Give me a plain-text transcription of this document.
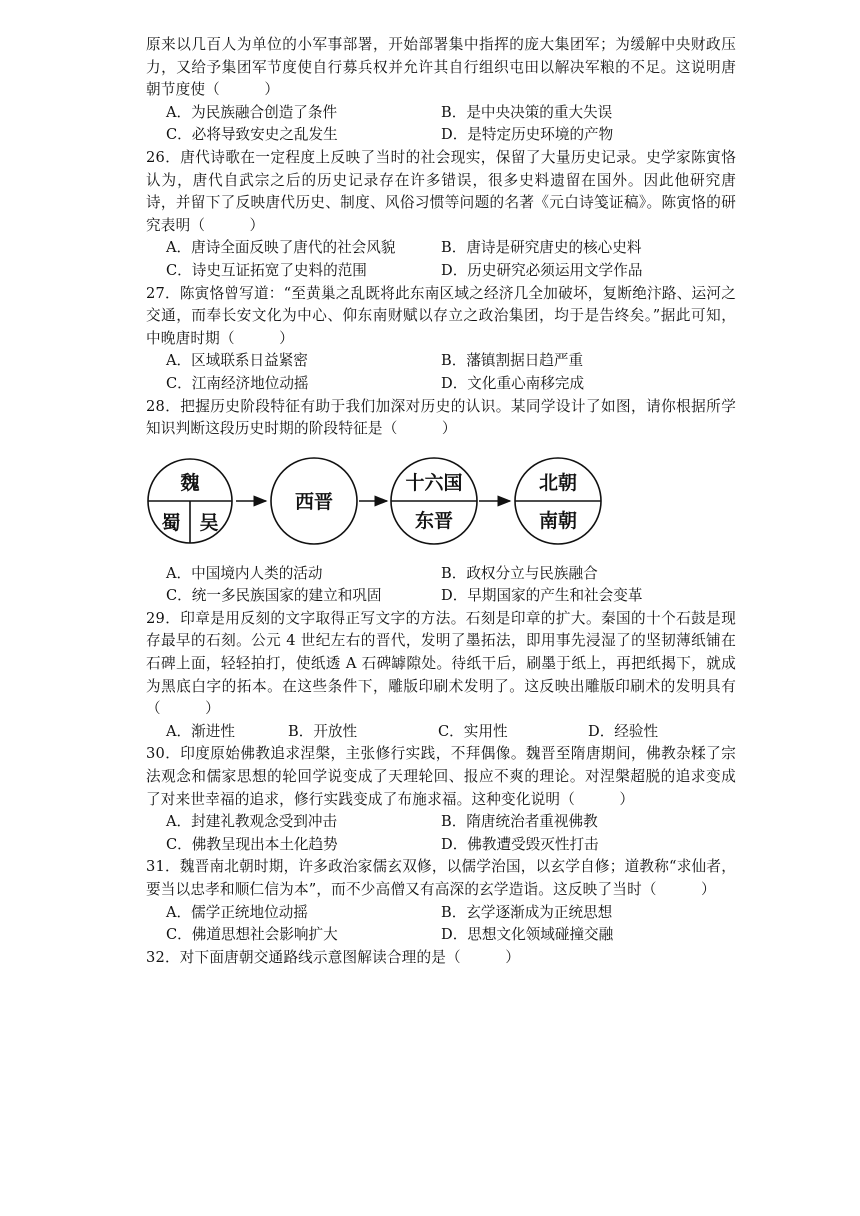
原来以几百人为单位的小军事部署，开始部署集中指挥的庞大集团军；为缓解中央财政压力，又给予集团军节度使自行募兵权并允许其自行组织屯田以解决军粮的不足。这说明唐朝节度使（　　　）

A．为民族融合创造了条件	B．是中央决策的重大失误
C．必将导致安史之乱发生	D．是特定历史环境的产物

26．唐代诗歌在一定程度上反映了当时的社会现实，保留了大量历史记录。史学家陈寅恪认为，唐代自武宗之后的历史记录存在许多错误，很多史料遗留在国外。因此他研究唐诗，并留下了反映唐代历史、制度、风俗习惯等问题的名著《元白诗笺证稿》。陈寅恪的研究表明（　　　）

A．唐诗全面反映了唐代的社会风貌	B．唐诗是研究唐史的核心史料
C．诗史互证拓宽了史料的范围	D．历史研究必须运用文学作品

27．陈寅恪曾写道：“至黄巢之乱既将此东南区域之经济几全加破坏，复断绝汴路、运河之交通，而奉长安文化为中心、仰东南财赋以存立之政治集团，均于是告终矣。”据此可知，中晚唐时期（　　　）

A．区域联系日益紧密	B．藩镇割据日趋严重
C．江南经济地位动摇	D．文化重心南移完成

28．把握历史阶段特征有助于我们加深对历史的认识。某同学设计了如图，请你根据所学知识判断这段历史时期的阶段特征是（　　　）

魏
蜀 吴
西晋
十六国
东晋
北朝
南朝
A．中国境内人类的活动	B．政权分立与民族融合
C．统一多民族国家的建立和巩固	D．早期国家的产生和社会变革

29．印章是用反刻的文字取得正写文字的方法。石刻是印章的扩大。秦国的十个石鼓是现存最早的石刻。公元 4 世纪左右的晋代，发明了墨拓法，即用事先浸湿了的坚韧薄纸铺在石碑上面，轻轻拍打，使纸透 A 石碑罅隙处。待纸干后，刷墨于纸上，再把纸揭下，就成为黑底白字的拓本。在这些条件下，雕版印刷术发明了。这反映出雕版印刷术的发明具有（　　　）

A．渐进性	B．开放性	C．实用性	D．经验性

30．印度原始佛教追求涅槃，主张修行实践，不拜偶像。魏晋至隋唐期间，佛教杂糅了宗法观念和儒家思想的轮回学说变成了天理轮回、报应不爽的理论。对涅槃超脱的追求变成了对来世幸福的追求，修行实践变成了布施求福。这种变化说明（　　　）

A．封建礼教观念受到冲击	B．隋唐统治者重视佛教
C．佛教呈现出本土化趋势	D．佛教遭受毁灭性打击

31．魏晋南北朝时期，许多政治家儒玄双修，以儒学治国，以玄学自修；道教称“求仙者，要当以忠孝和顺仁信为本”，而不少高僧又有高深的玄学造诣。这反映了当时（　　　）

A．儒学正统地位动摇	B．玄学逐渐成为正统思想
C．佛道思想社会影响扩大	D．思想文化领域碰撞交融

32．对下面唐朝交通路线示意图解读合理的是（　　　）
